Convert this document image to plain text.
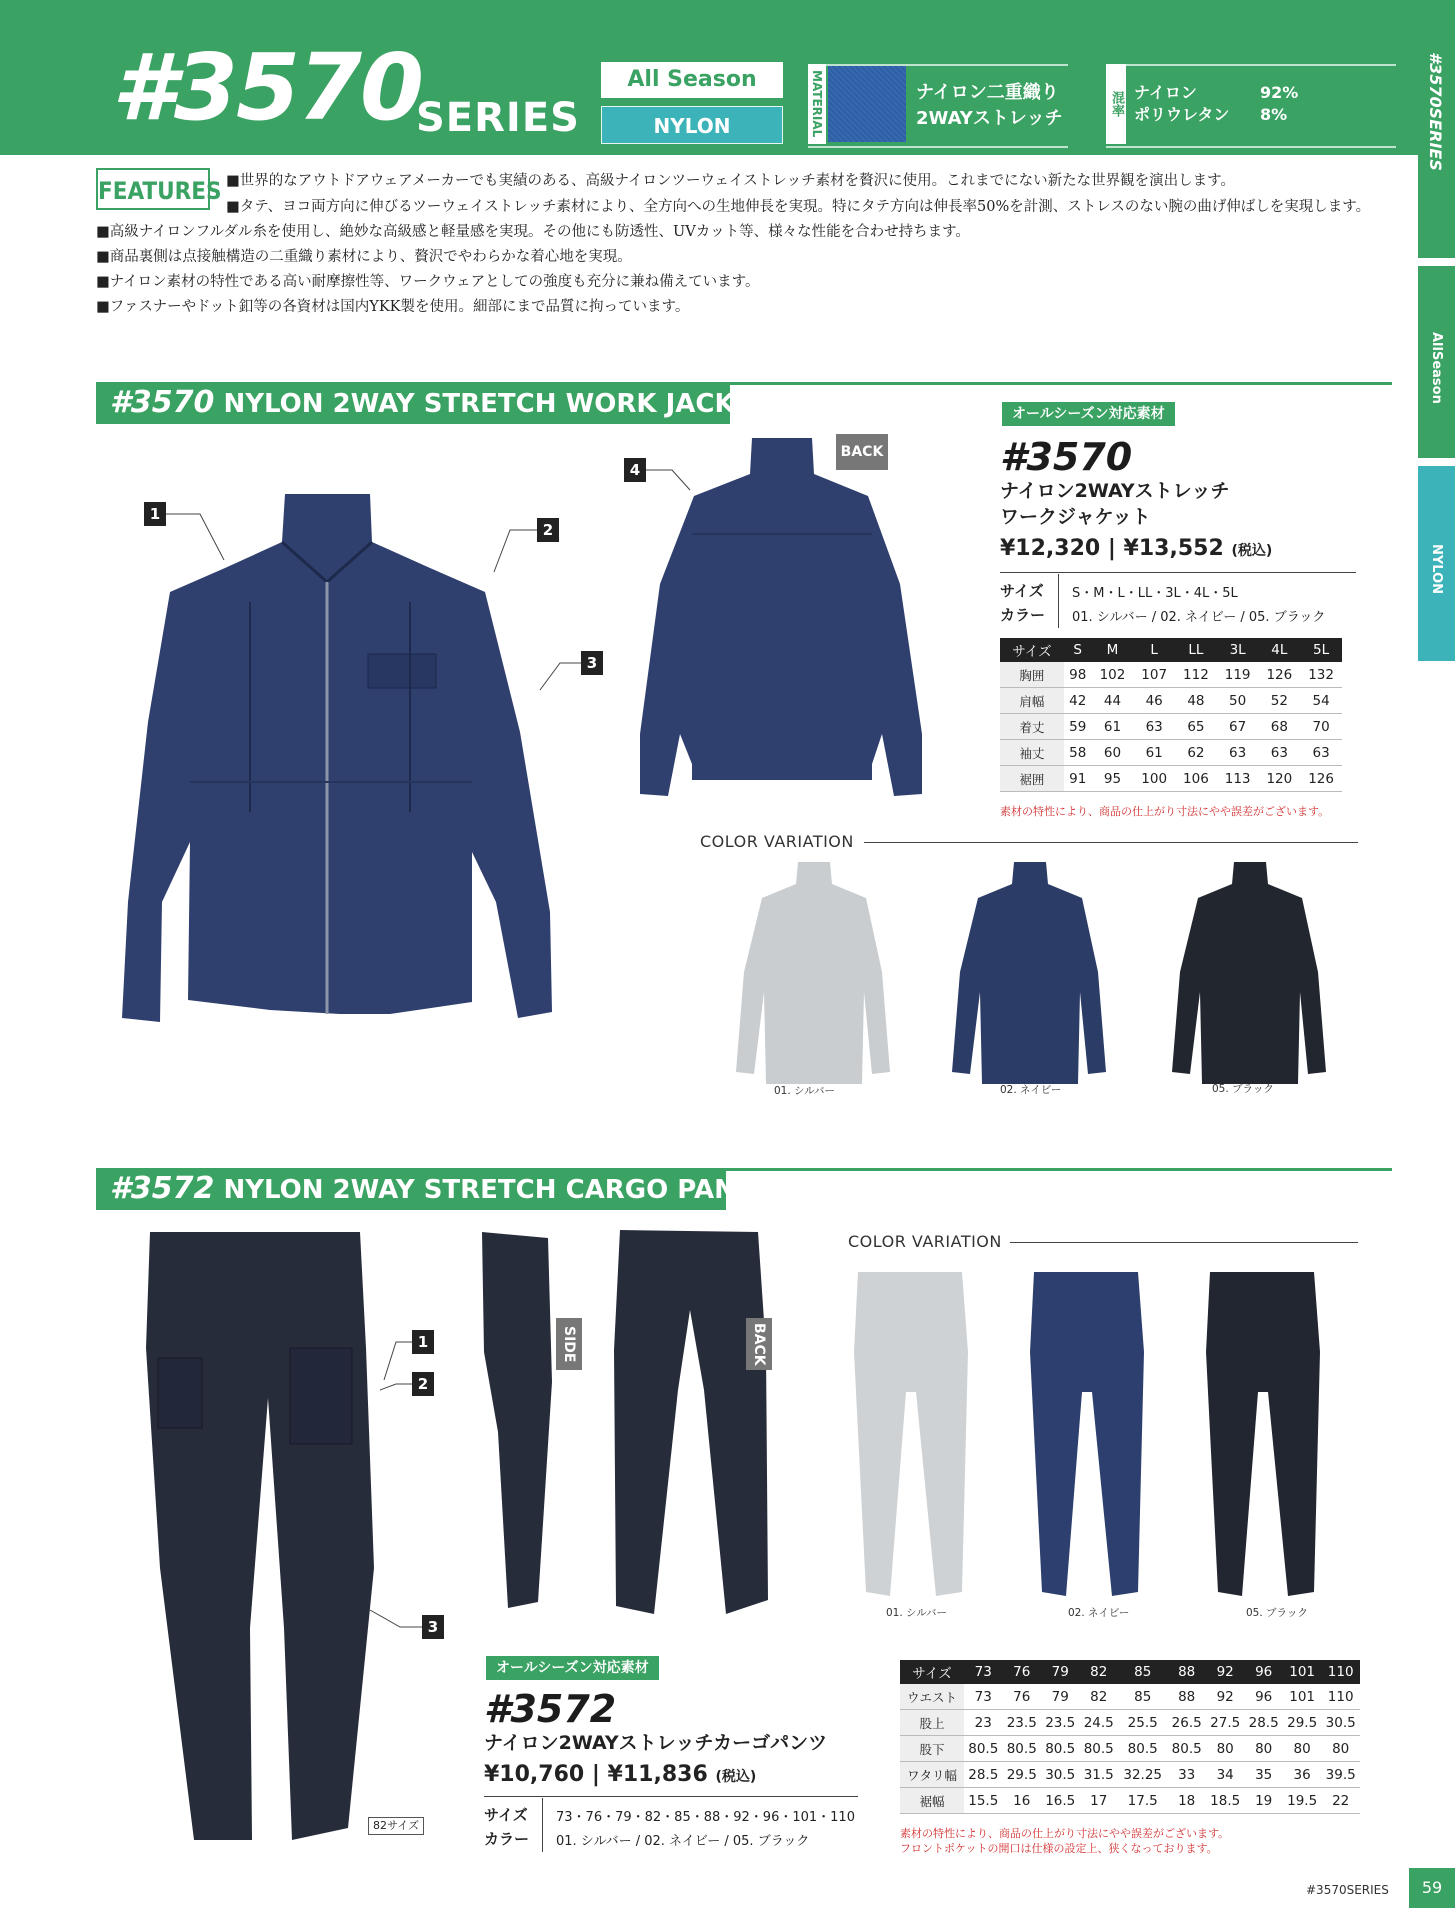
#3570
SERIES
All Season
NYLON	MATERIAL	ナイロン二重織り
2WAYストレッチ
混率 ナイロン	92%
ポリウレタン 8%	#3570SERIES
AllSeason
NYLON
FEATURES ■世界的なアウトドアウェアメーカーでも実績のある、高級ナイロンツーウェイストレッチ素材を贅沢に使用。これまでにない新たな世界観を演出します。
■タテ、ヨコ両方向に伸びるツーウェイストレッチ素材により、全方向への生地伸長を実現。特にタテ方向は伸長率50%を計測、ストレスのない腕の曲げ伸ばしを実現します。
■高級ナイロンフルダル糸を使用し、絶妙な高級感と軽量感を実現。その他にも防透性、UVカット等、様々な性能を合わせ持ちます。
■商品裏側は点接触構造の二重織り素材により、贅沢でやわらかな着心地を実現。
■ナイロン素材の特性である高い耐摩擦性等、ワークウェアとしての強度も充分に兼ね備えています。
■ファスナーやドット釦等の各資材は国内YKK製を使用。細部にまで品質に拘っています。
#3570 NYLON 2WAY STRETCH WORK JACKET
1
2
3
4
BACK
オールシーズン対応素材
#3570
ナイロン2WAYストレッチ
ワークジャケット
¥12,320 | ¥13,552 (税込)
サイズ S・M・L・LL・3L・4L・5L
カラー 01. シルバー / 02. ネイビー / 05. ブラック
サイズ	S	M	L	LL	3L	4L	5L
胸囲	98	102	107	112	119	126	132
肩幅	42	44	46	48	50	52	54
着丈	59	61	63	65	67	68	70
袖丈	58	60	61	62	63	63	63
裾囲	91	95	100	106	113	120	126
素材の特性により、商品の仕上がり寸法にやや誤差がございます。
COLOR VARIATION
01. シルバー	02. ネイビー	05. ブラック
#3572 NYLON 2WAY STRETCH CARGO PANTS
1
2
3
82サイズ
SIDE	BACK
COLOR VARIATION
01. シルバー	02. ネイビー	05. ブラック
オールシーズン対応素材
#3572
ナイロン2WAYストレッチカーゴパンツ
¥10,760 | ¥11,836 (税込)
サイズ 73・76・79・82・85・88・92・96・101・110
カラー 01. シルバー / 02. ネイビー / 05. ブラック
サイズ	73	76	79	82	85	88	92	96	101	110
ウエスト	73	76	79	82	85	88	92	96	101	110
股上	23	23.5	23.5	24.5	25.5	26.5	27.5	28.5	29.5	30.5
股下	80.5	80.5	80.5	80.5	80.5	80.5	80	80	80	80
ワタリ幅	28.5	29.5	30.5	31.5	32.25	33	34	35	36	39.5
裾幅	15.5	16	16.5	17	17.5	18	18.5	19	19.5	22
素材の特性により、商品の仕上がり寸法にやや誤差がございます。
フロントポケットの開口は仕様の設定上、狭くなっております。
#3570SERIES	59
